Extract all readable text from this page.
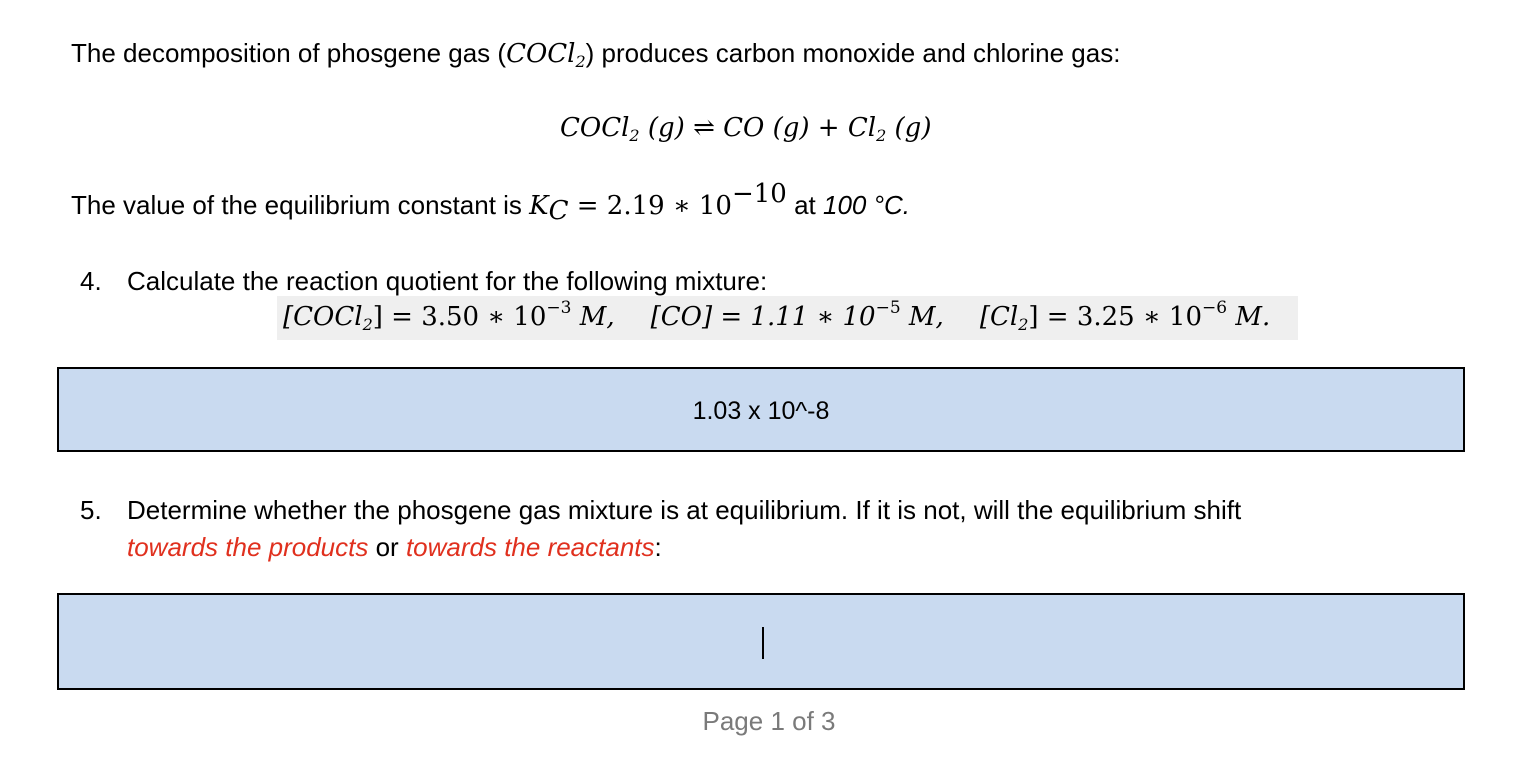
The decomposition of phosgene gas (COCl$_2$) produces carbon monoxide and chlorine gas:
COCl$_2$ (g) ⇌ CO $(g) + Cl_2$ (g)
The value of the equilibrium constant is $K_C = 2.19$ ∗ $10^{-10}$ at 100 °C.
4. Calculate the reaction quotient for the following mixture:
[COCl$_2$] = 3.50 ∗ $10^{-3}$ M, [CO] = 1.11 ∗ $10^{-5}$ M, $[Cl_2] = 3.25$ ∗ $10^{-6}$ M.
1.03 x 10^-8
5. Determine whether the phosgene gas mixture is at equilibrium. If it is not, will the equilibrium shift
towards the products or towards the reactants:
Page 1 of 3
